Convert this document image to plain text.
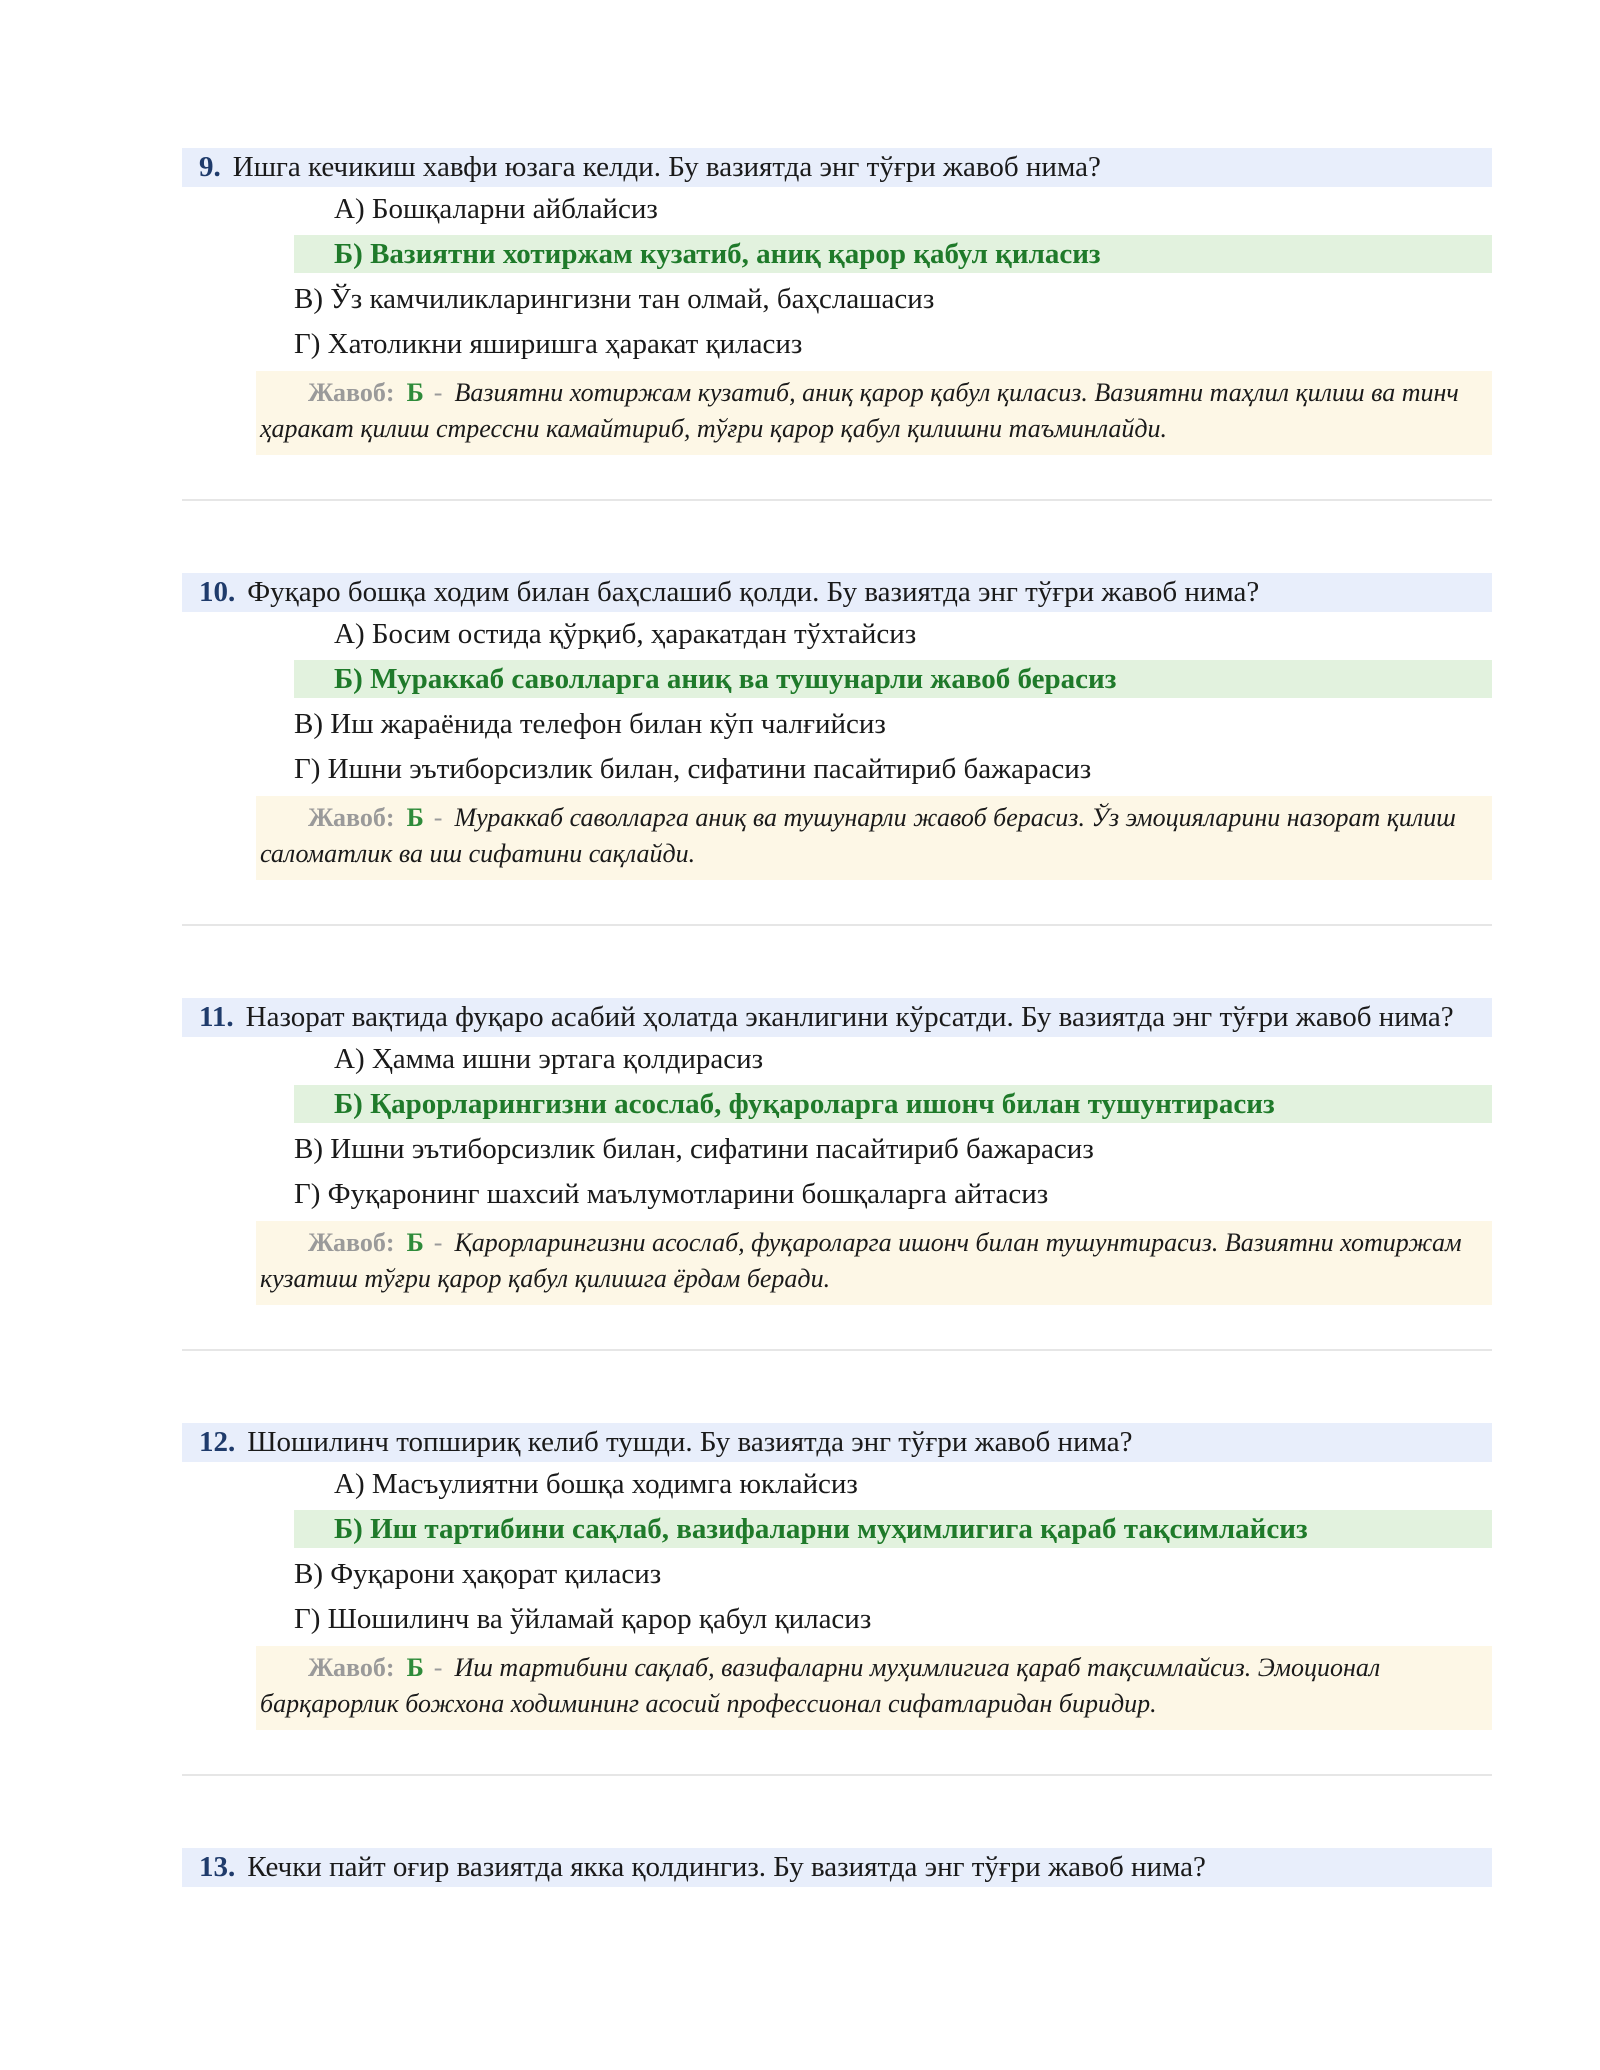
9. Ишга кечикиш хавфи юзага келди. Бу вазиятда энг тўғри жавоб нима?
А) Бошқаларни айблайсиз
Б) Вазиятни хотиржам кузатиб, аниқ қарор қабул қиласиз
В) Ўз камчиликларингизни тан олмай, баҳслашасиз
Г) Хатоликни яширишга ҳаракат қиласиз
Жавоб: Б - Вазиятни хотиржам кузатиб, аниқ қарор қабул қиласиз. Вазиятни таҳлил қилиш ва тинч ҳаракат қилиш стрессни камайтириб, тўғри қарор қабул қилишни таъминлайди.
10. Фуқаро бошқа ходим билан баҳслашиб қолди. Бу вазиятда энг тўғри жавоб нима?
А) Босим остида қўрқиб, ҳаракатдан тўхтайсиз
Б) Мураккаб саволларга аниқ ва тушунарли жавоб берасиз
В) Иш жараёнида телефон билан кўп чалғийсиз
Г) Ишни эътиборсизлик билан, сифатини пасайтириб бажарасиз
Жавоб: Б - Мураккаб саволларга аниқ ва тушунарли жавоб берасиз. Ўз эмоцияларини назорат қилиш саломатлик ва иш сифатини сақлайди.
11. Назорат вақтида фуқаро асабий ҳолатда эканлигини кўрсатди. Бу вазиятда энг тўғри жавоб нима?
А) Ҳамма ишни эртага қолдирасиз
Б) Қарорларингизни асослаб, фуқароларга ишонч билан тушунтирасиз
В) Ишни эътиборсизлик билан, сифатини пасайтириб бажарасиз
Г) Фуқаронинг шахсий маълумотларини бошқаларга айтасиз
Жавоб: Б - Қарорларингизни асослаб, фуқароларга ишонч билан тушунтирасиз. Вазиятни хотиржам кузатиш тўғри қарор қабул қилишга ёрдам беради.
12. Шошилинч топшириқ келиб тушди. Бу вазиятда энг тўғри жавоб нима?
А) Масъулиятни бошқа ходимга юклайсиз
Б) Иш тартибини сақлаб, вазифаларни муҳимлигига қараб тақсимлайсиз
В) Фуқарони ҳақорат қиласиз
Г) Шошилинч ва ўйламай қарор қабул қиласиз
Жавоб: Б - Иш тартибини сақлаб, вазифаларни муҳимлигига қараб тақсимлайсиз. Эмоционал барқарорлик божхона ходимининг асосий профессионал сифатларидан биридир.
13. Кечки пайт оғир вазиятда якка қолдингиз. Бу вазиятда энг тўғри жавоб нима?
